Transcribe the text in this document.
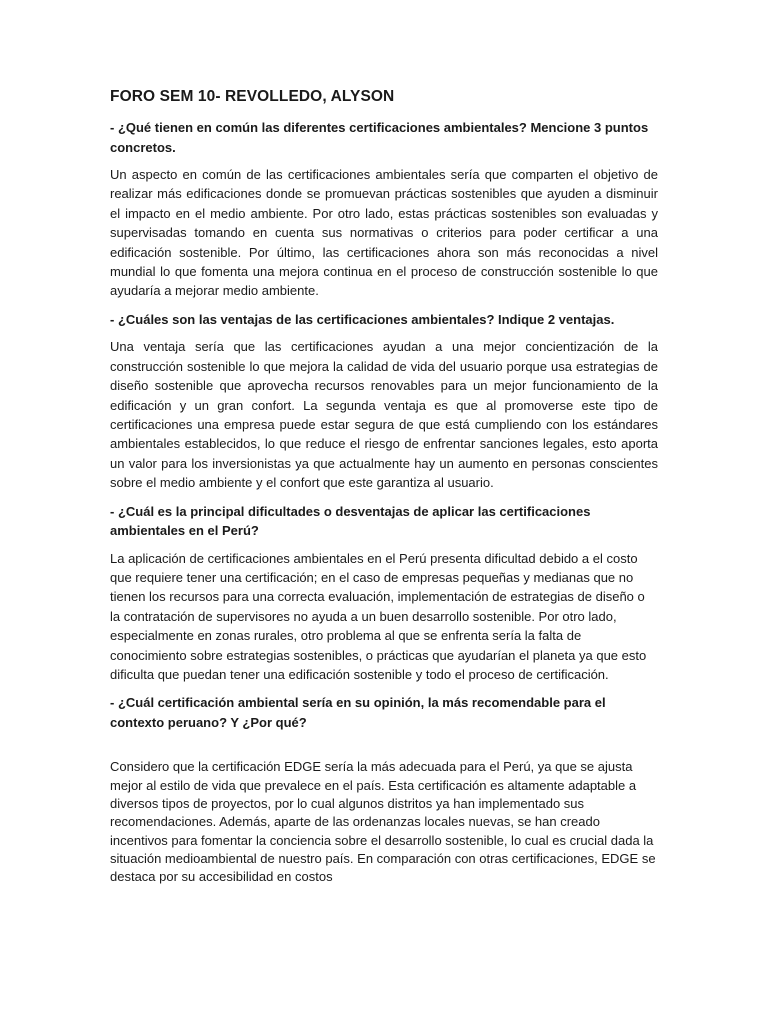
FORO SEM 10- REVOLLEDO, ALYSON

- ¿Qué tienen en común las diferentes certificaciones ambientales? Mencione 3 puntos concretos.

Un aspecto en común de las certificaciones ambientales sería que comparten el objetivo de realizar más edificaciones donde se promuevan prácticas sostenibles que ayuden a disminuir el impacto en el medio ambiente. Por otro lado, estas prácticas sostenibles son evaluadas y supervisadas tomando en cuenta sus normativas o criterios para poder certificar a una edificación sostenible. Por último, las certificaciones ahora son más reconocidas a nivel mundial lo que fomenta una mejora continua en el proceso de construcción sostenible lo que ayudaría a mejorar medio ambiente.

- ¿Cuáles son las ventajas de las certificaciones ambientales? Indique 2 ventajas.

Una ventaja sería que las certificaciones ayudan a una mejor concientización de la construcción sostenible lo que mejora la calidad de vida del usuario porque usa estrategias de diseño sostenible que aprovecha recursos renovables para un mejor funcionamiento de la edificación y un gran confort. La segunda ventaja es que al promoverse este tipo de certificaciones una empresa puede estar segura de que está cumpliendo con los estándares ambientales establecidos, lo que reduce el riesgo de enfrentar sanciones legales, esto aporta un valor para los inversionistas ya que actualmente hay un aumento en personas conscientes sobre el medio ambiente y el confort que este garantiza al usuario.

- ¿Cuál es la principal dificultades o desventajas de aplicar las certificaciones ambientales en el Perú?

La aplicación de certificaciones ambientales en el Perú presenta dificultad debido a el costo que requiere tener una certificación; en el caso de empresas pequeñas y medianas que no tienen los recursos para una correcta evaluación, implementación de estrategias de diseño o la contratación de supervisores no ayuda a un buen desarrollo sostenible. Por otro lado, especialmente en zonas rurales, otro problema al que se enfrenta sería la falta de conocimiento sobre estrategias sostenibles, o prácticas que ayudarían el planeta ya que esto dificulta que puedan tener una edificación sostenible y todo el proceso de certificación.

- ¿Cuál certificación ambiental sería en su opinión, la más recomendable para el contexto peruano? Y ¿Por qué?

Considero que la certificación EDGE sería la más adecuada para el Perú, ya que se ajusta mejor al estilo de vida que prevalece en el país. Esta certificación es altamente adaptable a diversos tipos de proyectos, por lo cual algunos distritos ya han implementado sus recomendaciones. Además, aparte de las ordenanzas locales nuevas, se han creado incentivos para fomentar la conciencia sobre el desarrollo sostenible, lo cual es crucial dada la situación medioambiental de nuestro país. En comparación con otras certificaciones, EDGE se destaca por su accesibilidad en costos
